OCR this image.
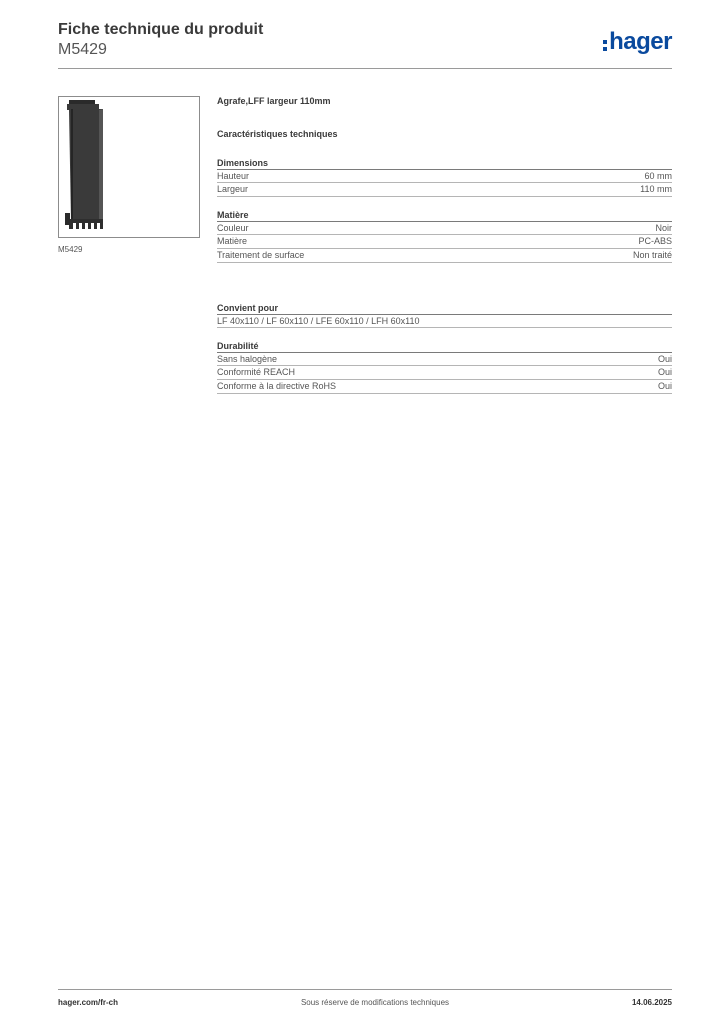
Fiche technique du produit
M5429	hager
M5429
Agrafe,LFF largeur 110mm
Caractéristiques techniques
Dimensions
Hauteur	60 mm
Largeur	110 mm
Matière
Couleur	Noir
Matière	PC-ABS
Traitement de surface	Non traité
Convient pour
LF 40x110 / LF 60x110 / LFE 60x110 / LFH 60x110
Durabilité
Sans halogène	Oui
Conformité REACH	Oui
Conforme à la directive RoHS	Oui
hager.com/fr-ch	Sous réserve de modifications techniques	14.06.2025
